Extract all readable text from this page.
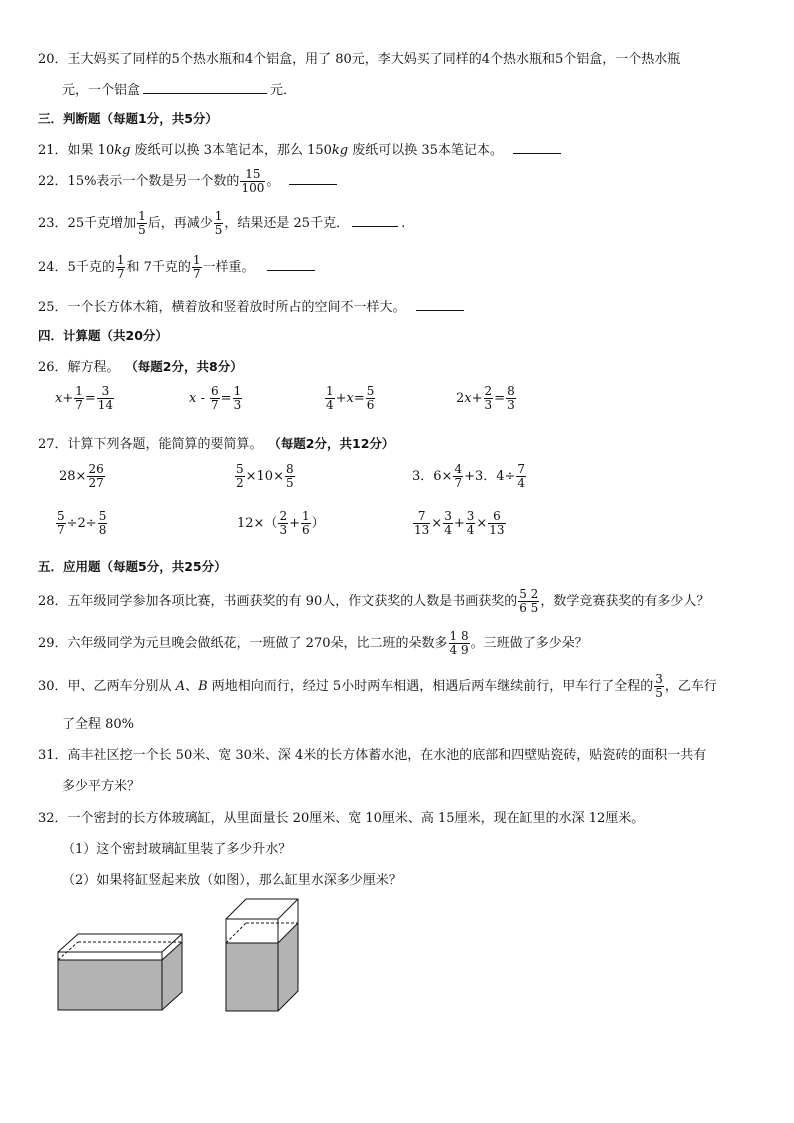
20．王大妈买了同样的5个热水瓶和4个铝盒，用了 80元，李大妈买了同样的4个热水瓶和5个铝盒，一个热水瓶
元，一个铝盒	元．
三．判断题（每题1分，共5分）
21．如果 10kg 废纸可以换 3本笔记本，那么 150kg 废纸可以换 35本笔记本。
22．15%表示一个数是另一个数的 $\frac{15}{100}$ 。
23．25千克增加 $\frac{1}{5}$ 后，再减少 $\frac{1}{5}$ ，结果还是 25千克．	.
24．5千克的 $\frac{1}{7}$ 和 7千克的 $\frac{1}{7}$ 一样重。
25．一个长方体木箱，横着放和竖着放时所占的空间不一样大。
四．计算题（共20分）
26．解方程。 （每题2分，共8分）
$x+ \frac{1}{7} = \frac{3}{14}$	$x - \frac{6}{7} = \frac{1}{3}$	$\frac{1}{4} +x= \frac{5}{6}$	$2x+ \frac{2}{3} = \frac{8}{3}$
27．计算下列各题，能简算的要简算。 （每题2分，共12分）
$28\times \frac{26}{27}$	$\frac{5}{2} \times 10\times \frac{8}{5}$	3．$6\times \frac{4}{7} +3$．$4\div \frac{7}{4}$
$\frac{5}{7} \div 2\div \frac{5}{8}$	$12\times( \frac{2}{3} + \frac{1}{6}$ ）	$\frac{7}{13} \times \frac{3}{4} + \frac{3}{4} \times \frac{6}{13}$
五．应用题（每题5分，共25分）
28．五年级同学参加各项比赛，书画获奖的有 90人，作文获奖的人数是书画获奖的 $\frac{5 2}{6 5}$ ，数学竞赛获奖的有多少人？
29．六年级同学为元旦晚会做纸花，一班做了 270朵，比二班的朵数多 $\frac{1 8}{4 9}$ 。三班做了多少朵？
30．甲、乙两车分别从 A、B 两地相向而行，经过 5小时两车相遇，相遇后两车继续前行，甲车行了全程的 $\frac{3}{5}$ ，乙车行
了全程 80%
31．高丰社区挖一个长 50米、宽 30米、深 4米的长方体蓄水池，在水池的底部和四壁贴瓷砖，贴瓷砖的面积一共有
多少平方米？
32．一个密封的长方体玻璃缸，从里面量长 20厘米、宽 10厘米、高 15厘米，现在缸里的水深 12厘米。
（1）这个密封玻璃缸里装了多少升水？
（2）如果将缸竖起来放（如图），那么缸里水深多少厘米？
